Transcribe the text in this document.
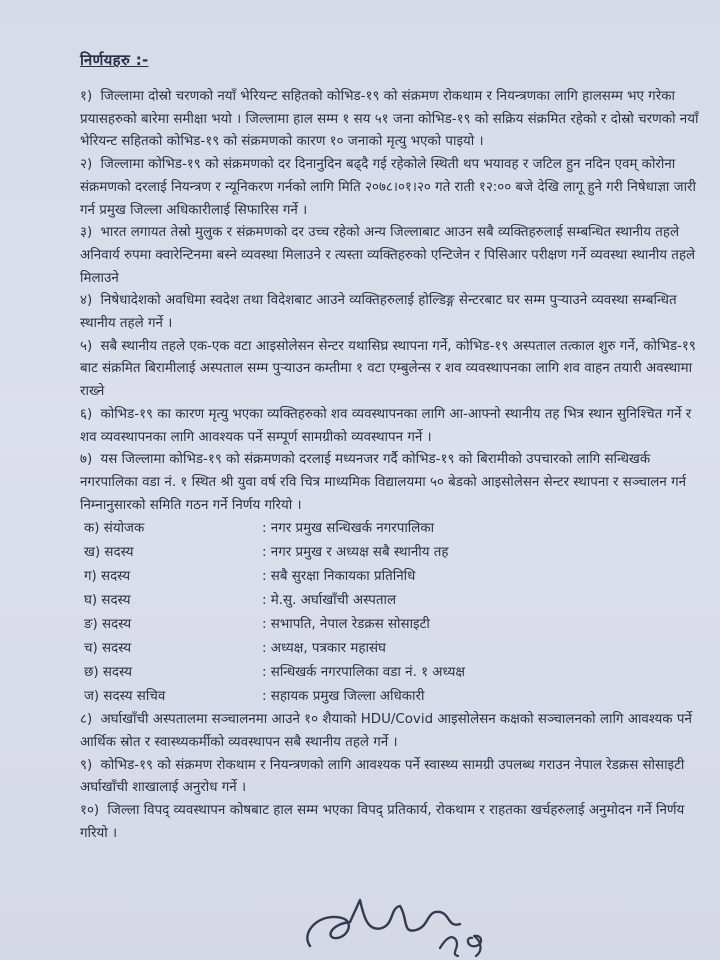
निर्णयहरु :-
१) जिल्लामा दोस्रो चरणको नयाँ भेरियन्ट सहितको कोभिड-१९ को संक्रमण रोकथाम र नियन्त्रणका लागि हालसम्म भए गरेका प्रयासहरुको बारेमा समीक्षा भयो । जिल्लामा हाल सम्म १ सय ५१ जना कोभिड-१९ को सक्रिय संक्रमित रहेको र दोस्रो चरणको नयाँ भेरियन्ट सहितको कोभिड-१९ को संक्रमणको कारण १० जनाको मृत्यु भएको पाइयो ।
२) जिल्लामा कोभिड-१९ को संक्रमणको दर दिनानुदिन बढ्दै गई रहेकोले स्थिती थप भयावह र जटिल हुन नदिन एवम् कोरोना संक्रमणको दरलाई नियन्त्रण र न्यूनिकरण गर्नको लागि मिति २०७८।०१।२० गते राती १२:०० बजे देखि लागू हुने गरी निषेधाज्ञा जारी गर्न प्रमुख जिल्ला अधिकारीलाई सिफारिस गर्ने ।
३) भारत लगायत तेस्रो मुलुक र संक्रमणको दर उच्च रहेको अन्य जिल्लाबाट आउन सबै व्यक्तिहरुलाई सम्बन्धित स्थानीय तहले अनिवार्य रुपमा क्वारेन्टिनमा बस्ने व्यवस्था मिलाउने र त्यस्ता व्यक्तिहरुको एन्टिजेन र पिसिआर परीक्षण गर्ने व्यवस्था स्थानीय तहले मिलाउने
४) निषेधादेशको अवधिमा स्वदेश तथा विदेशबाट आउने व्यक्तिहरुलाई होल्डिङ्ग सेन्टरबाट घर सम्म पुर्‍याउने व्यवस्था सम्बन्धित स्थानीय तहले गर्ने ।
५) सबै स्थानीय तहले एक-एक वटा आइसोलेसन सेन्टर यथासिघ्र स्थापना गर्ने, कोभिड-१९ अस्पताल तत्काल शुरु गर्ने, कोभिड-१९ बाट संक्रमित बिरामीलाई अस्पताल सम्म पुर्‍याउन कम्तीमा १ वटा एम्बुलेन्स र शव व्यवस्थापनका लागि शव वाहन तयारी अवस्थामा राख्ने
६) कोभिड-१९ का कारण मृत्यु भएका व्यक्तिहरुको शव व्यवस्थापनका लागि आ-आफ्नो स्थानीय तह भित्र स्थान सुनिश्चित गर्ने र शव व्यवस्थापनका लागि आवश्यक पर्ने सम्पूर्ण सामग्रीको व्यवस्थापन गर्ने ।
७) यस जिल्लामा कोभिड-१९ को संक्रमणको दरलाई मध्यनजर गर्दै कोभिड-१९ को बिरामीको उपचारको लागि सन्धिखर्क नगरपालिका वडा नं. १ स्थित श्री युवा वर्ष रवि चित्र माध्यमिक विद्यालयमा ५० बेडको आइसोलेसन सेन्टर स्थापना र सञ्चालन गर्न निम्नानुसारको समिति गठन गर्ने निर्णय गरियो ।
क) संयोजक	: नगर प्रमुख सन्धिखर्क नगरपालिका
ख) सदस्य	: नगर प्रमुख र अध्यक्ष सबै स्थानीय तह
ग) सदस्य	: सबै सुरक्षा निकायका प्रतिनिधि
घ) सदस्य	: मे.सु. अर्घाखाँची अस्पताल
ङ) सदस्य	: सभापति, नेपाल रेडक्रस सोसाइटी
च) सदस्य	: अध्यक्ष, पत्रकार महासंघ
छ) सदस्य	: सन्धिखर्क नगरपालिका वडा नं. १ अध्यक्ष
ज) सदस्य सचिव	: सहायक प्रमुख जिल्ला अधिकारी
८) अर्घाखाँची अस्पतालमा सञ्चालनमा आउने १० शैयाको HDU/Covid आइसोलेसन कक्षको सञ्चालनको लागि आवश्यक पर्ने आर्थिक स्रोत र स्वास्थ्यकर्मीको व्यवस्थापन सबै स्थानीय तहले गर्ने ।
९) कोभिड-१९ को संक्रमण रोकथाम र नियन्त्रणको लागि आवश्यक पर्ने स्वास्थ्य सामग्री उपलब्ध गराउन नेपाल रेडक्रस सोसाइटी अर्घाखाँची शाखालाई अनुरोध गर्ने ।
१०) जिल्ला विपद् व्यवस्थापन कोषबाट हाल सम्म भएका विपद् प्रतिकार्य, रोकथाम र राहतका खर्चहरुलाई अनुमोदन गर्ने निर्णय गरियो ।
